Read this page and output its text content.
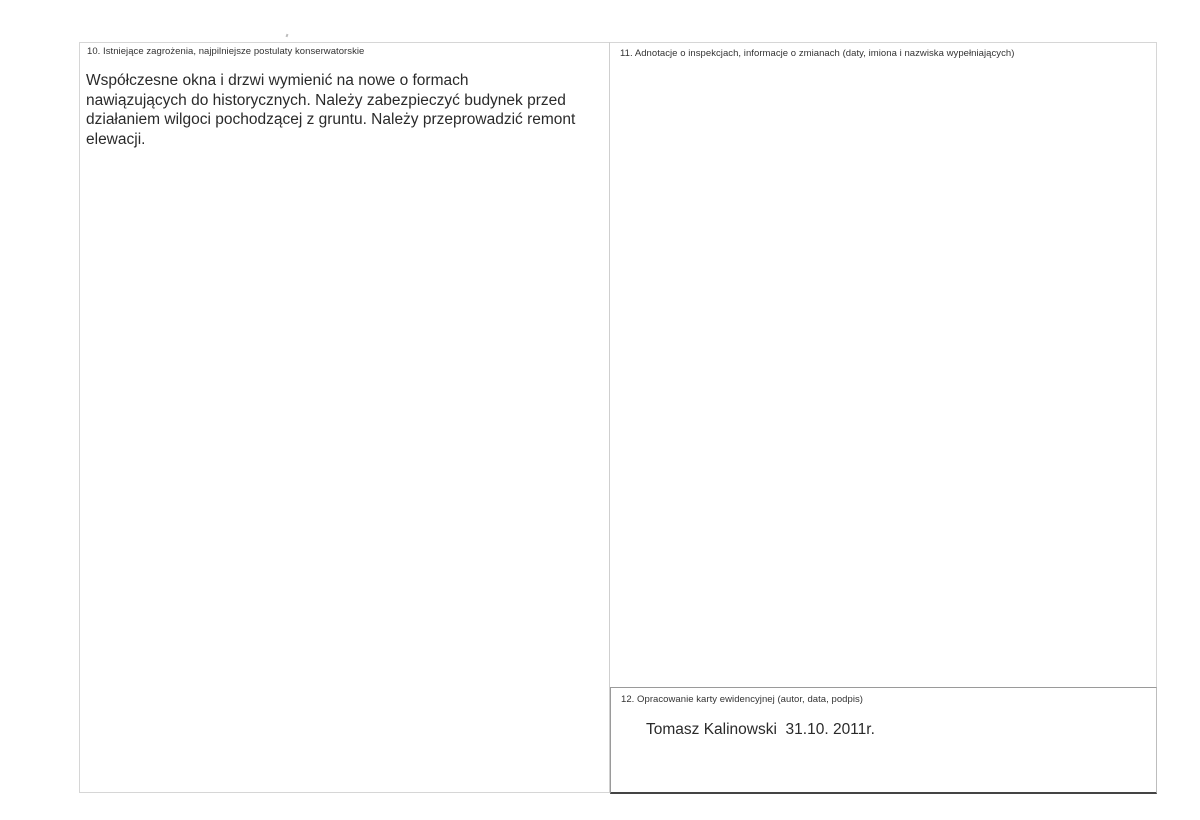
10. Istniejące zagrożenia, najpilniejsze postulaty konserwatorskie
Współczesne okna i drzwi wymienić na nowe o formach
nawiązujących do historycznych. Należy zabezpieczyć budynek przed
działaniem wilgoci pochodzącej z gruntu. Należy przeprowadzić remont
elewacji.
11. Adnotacje o inspekcjach, informacje o zmianach (daty, imiona i nazwiska wypełniających)
12. Opracowanie karty ewidencyjnej (autor, data, podpis)
Tomasz Kalinowski  31.10. 2011r.
